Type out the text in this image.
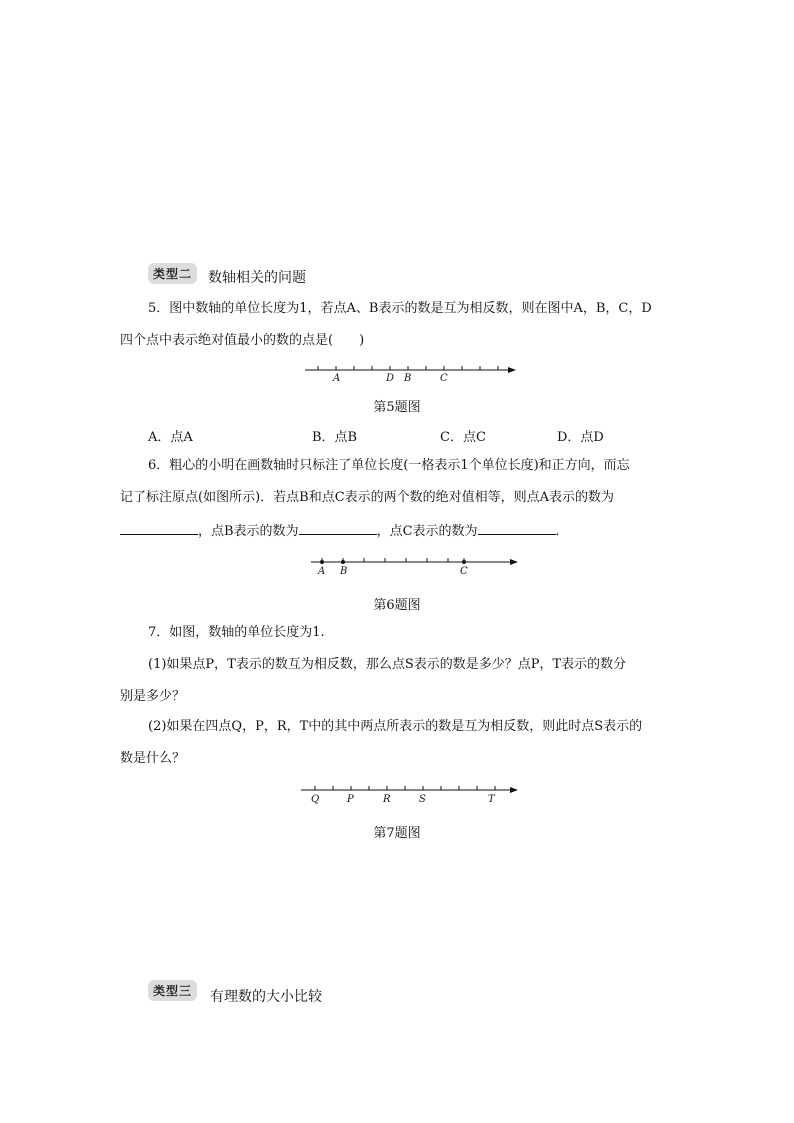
类型二	数轴相关的问题
5．图中数轴的单位长度为1，若点A、B表示的数是互为相反数，则在图中A，B，C，D
四个点中表示绝对值最小的数的点是(　　)
A	D B	C
第5题图
A．点A	B．点B	C．点C	D．点D
6．粗心的小明在画数轴时只标注了单位长度(一格表示1个单位长度)和正方向，而忘
记了标注原点(如图所示)．若点B和点C表示的两个数的绝对值相等，则点A表示的数为
，点B表示的数为	，点C表示的数为	．
A B	C
第6题图
7．如图，数轴的单位长度为1.
(1)如果点P，T表示的数互为相反数，那么点S表示的数是多少？点P，T表示的数分
别是多少？
(2)如果在四点Q，P，R，T中的其中两点所表示的数是互为相反数，则此时点S表示的
数是什么？
Q	P	R	S	T
第7题图
类型三	有理数的大小比较
